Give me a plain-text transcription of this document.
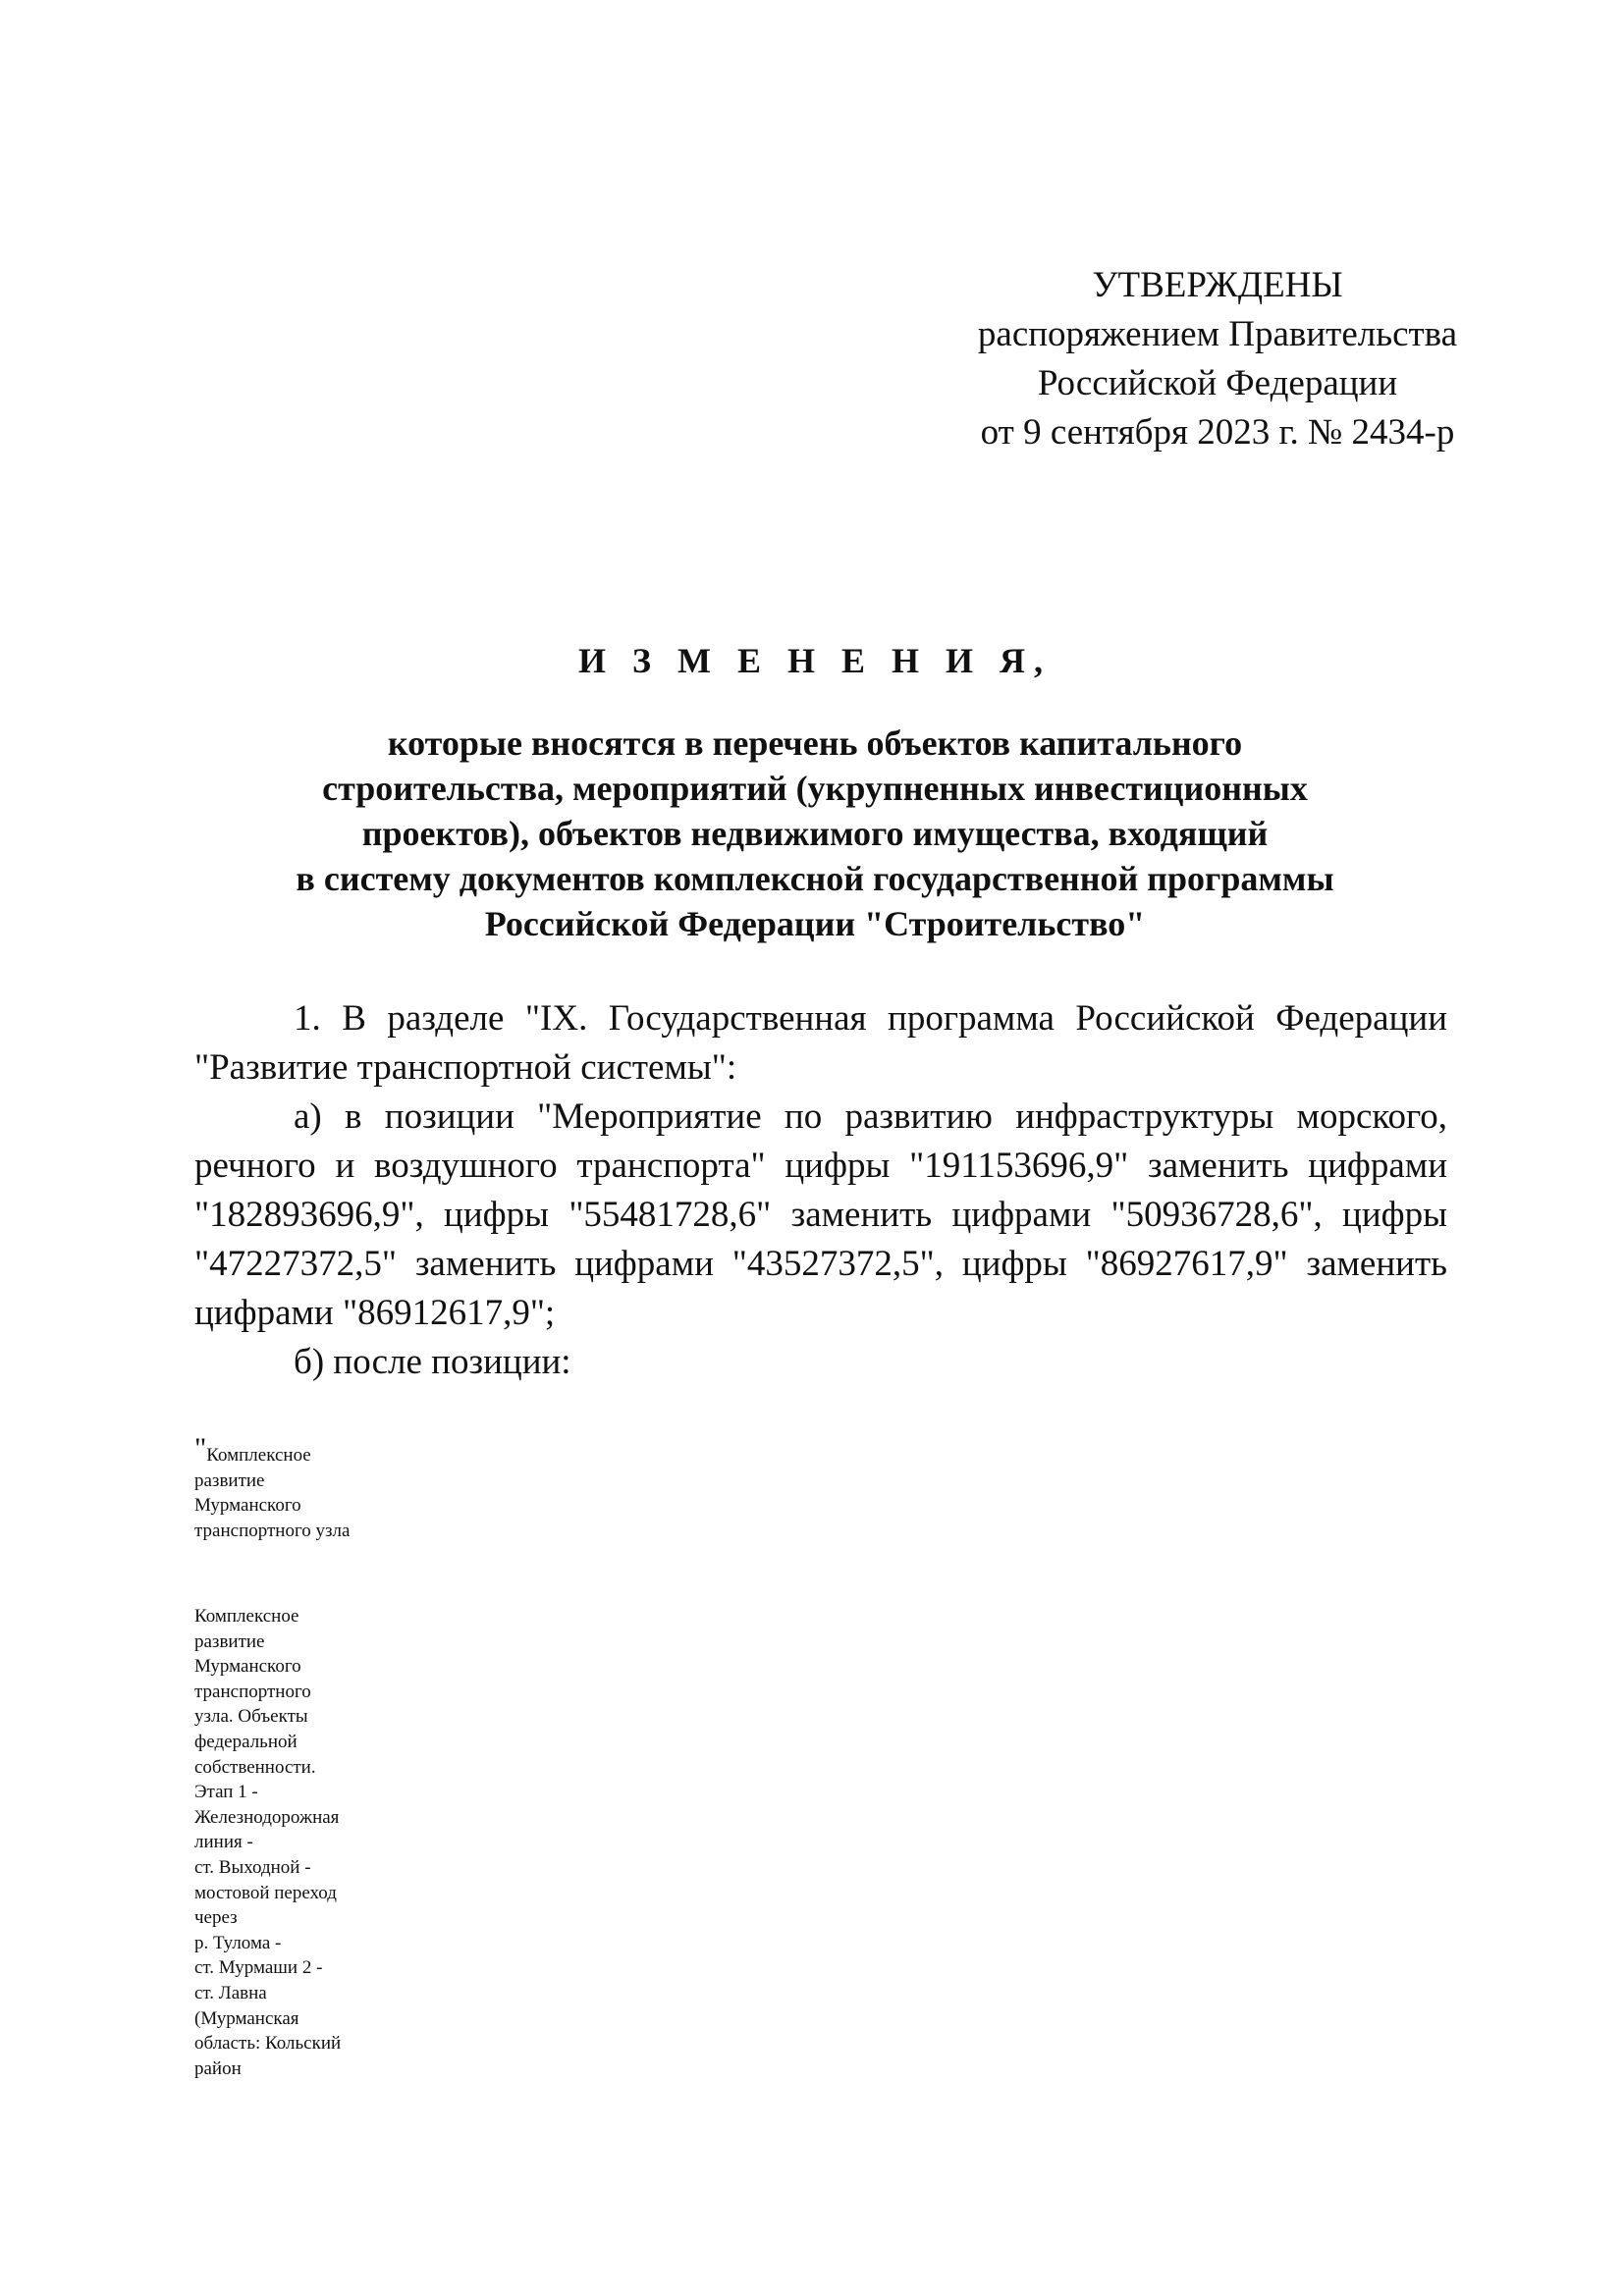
УТВЕРЖДЕНЫ
распоряжением Правительства
Российской Федерации
от 9 сентября 2023 г. № 2434-р
И З М Е Н Е Н И Я,
которые вносятся в перечень объектов капитального
строительства, мероприятий (укрупненных инвестиционных
проектов), объектов недвижимого имущества, входящий
в систему документов комплексной государственной программы
Российской Федерации "Строительство"

1. В разделе "IX. Государственная программа Российской Федерации "Развитие транспортной системы":

а) в позиции "Мероприятие по развитию инфраструктуры морского, речного и воздушного транспорта" цифры "191153696,9" заменить цифрами "182893696,9", цифры "55481728,6" заменить цифрами "50936728,6", цифры "47227372,5" заменить цифрами "43527372,5", цифры "86927617,9" заменить цифрами "86912617,9";

б) после позиции:

"Комплексное
развитие
Мурманского
транспортного узла
Комплексное
развитие
Мурманского
транспортного
узла. Объекты
федеральной
собственности.
Этап 1 -
Железнодорожная
линия -
ст. Выходной -
мостовой переход
через
р. Тулома -
ст. Мурмаши 2 -
ст. Лавна
(Мурманская
область: Кольский
район
